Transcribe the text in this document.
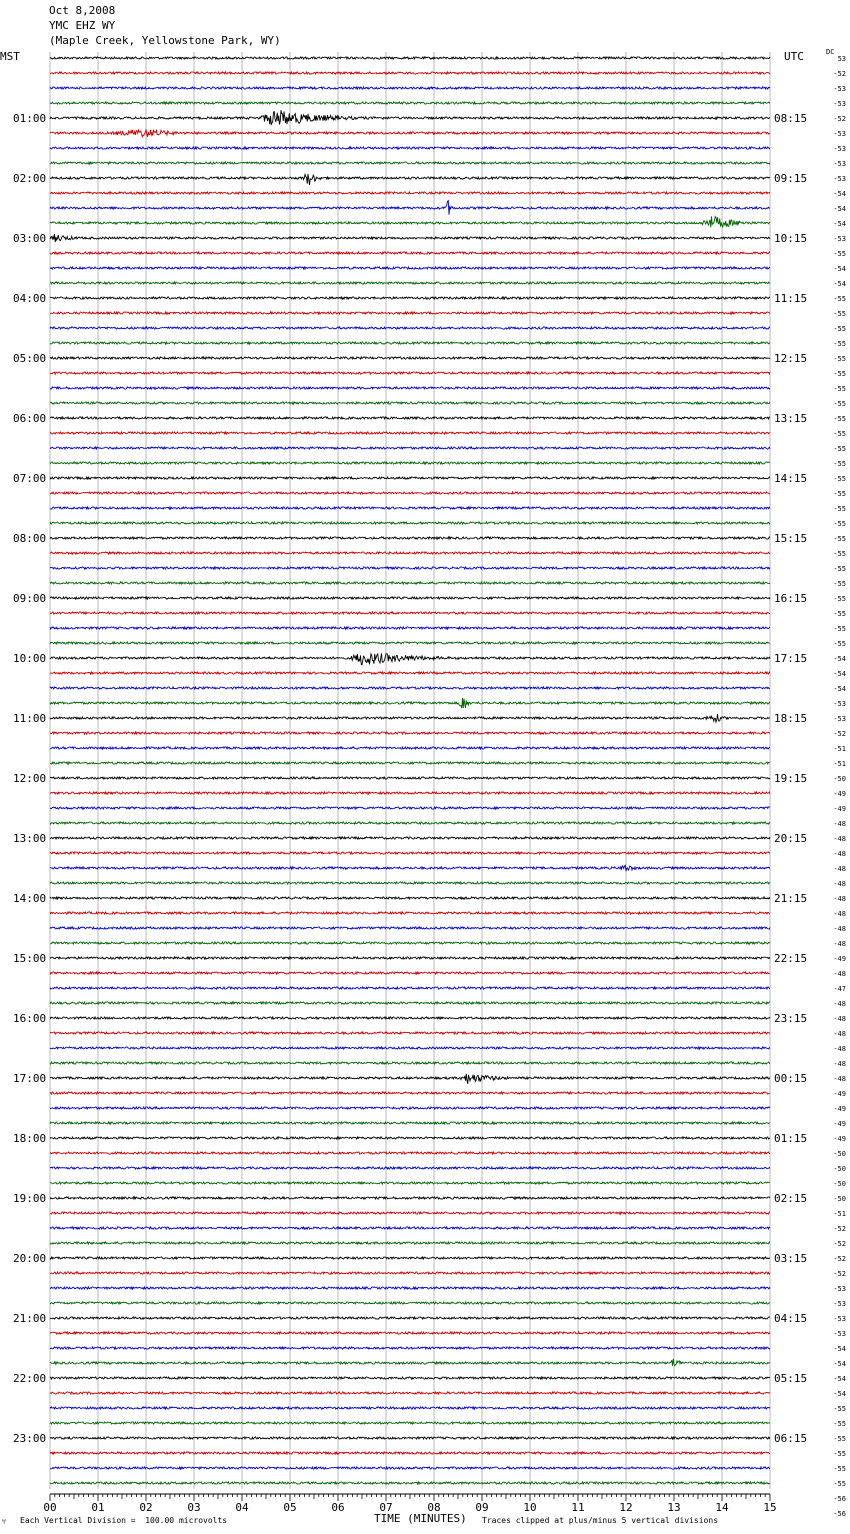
Oct 8,2008
YMC EHZ WY
(Maple Creek, Yellowstone Park, WY)
MST	UTC	DC
01:00
02:00
03:00
04:00
05:00
06:00
07:00
08:00
09:00
10:00
11:00
12:00
13:00
14:00
15:00
16:00
17:00
18:00
19:00
20:00
21:00
22:00
23:00
08:15
09:15
10:15
11:15
12:15
13:15
14:15
15:15
16:15
17:15
18:15
19:15
20:15
21:15
22:15
23:15
00:15
01:15
02:15
03:15
04:15
05:15
06:15
53
-52
-53
-53
-52
-53
-53
-53
-53
-54
-54
-54
-53
-55
-54
-54
-55
-55
-55
-55
-55
-55
-55
-55
-55
-55
-55
-55
-55
-55
-55
-55
-55
-55
-55
-55
-55
-55
-55
-55
-54
-54
-54
-53
-53
-52
-51
-51
-50
-49
-49
-48
-48
-48
-48
-48
-48
-48
-48
-48
-49
-48
-47
-48
-48
-48
-48
-48
-48
-49
-49
-49
-49
-50
-50
-50
-50
-51
-52
-52
-52
-52
-53
-53
-53
-53
-54
-54
-54
-54
-55
-55
-55
-55
-55
-55
-56
-56
00	01	02	03	04	05	06	07	08	09	10	11	12	13	14	15
TIME (MINUTES)
♈ Each Vertical Division =  100.00 microvolts	Traces clipped at plus/minus 5 vertical divisions
